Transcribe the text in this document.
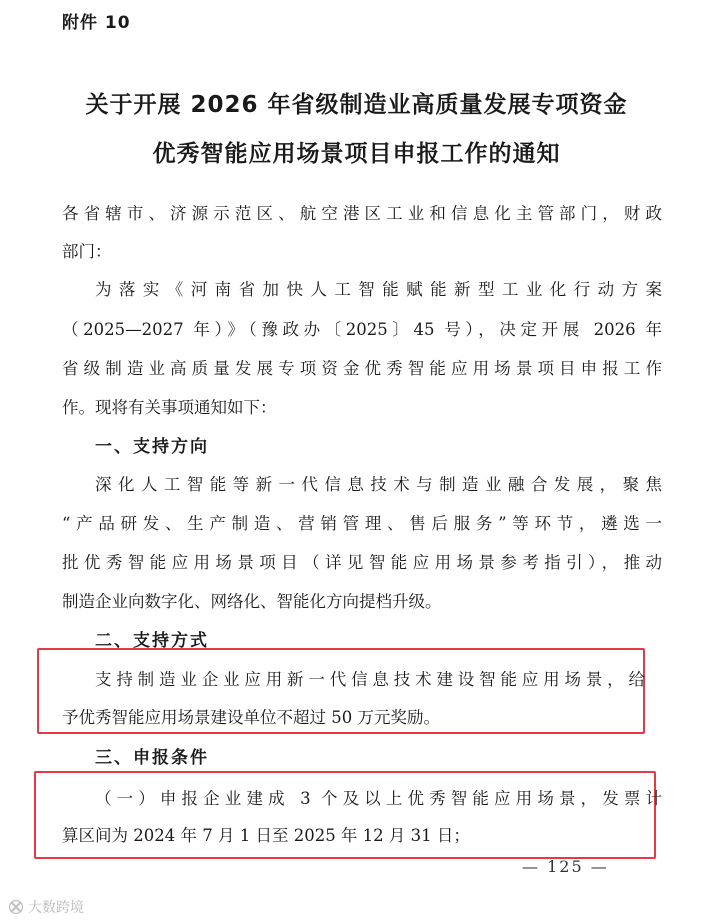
附件 10
关于开展 2026 年省级制造业高质量发展专项资金
优秀智能应用场景项目申报工作的通知
各省辖市、济源示范区、航空港区工业和信息化主管部门，财政
部门：
为落实《河南省加快人工智能赋能新型工业化行动方案
（2025—2027 年）》（豫政办〔2025〕45 号），决定开展 2026 年
省级制造业高质量发展专项资金优秀智能应用场景项目申报工作
作。现将有关事项通知如下：
一、支持方向
深化人工智能等新一代信息技术与制造业融合发展，聚焦
“产品研发、生产制造、营销管理、售后服务”等环节，遴选一
批优秀智能应用场景项目（详见智能应用场景参考指引），推动
制造企业向数字化、网络化、智能化方向提档升级。
二、支持方式
支持制造业企业应用新一代信息技术建设智能应用场景，给
予优秀智能应用场景建设单位不超过 50 万元奖励。
三、申报条件
（一）申报企业建成 3 个及以上优秀智能应用场景，发票计
算区间为 2024 年 7 月 1 日至 2025 年 12 月 31 日；
— 125 —
大数跨境
